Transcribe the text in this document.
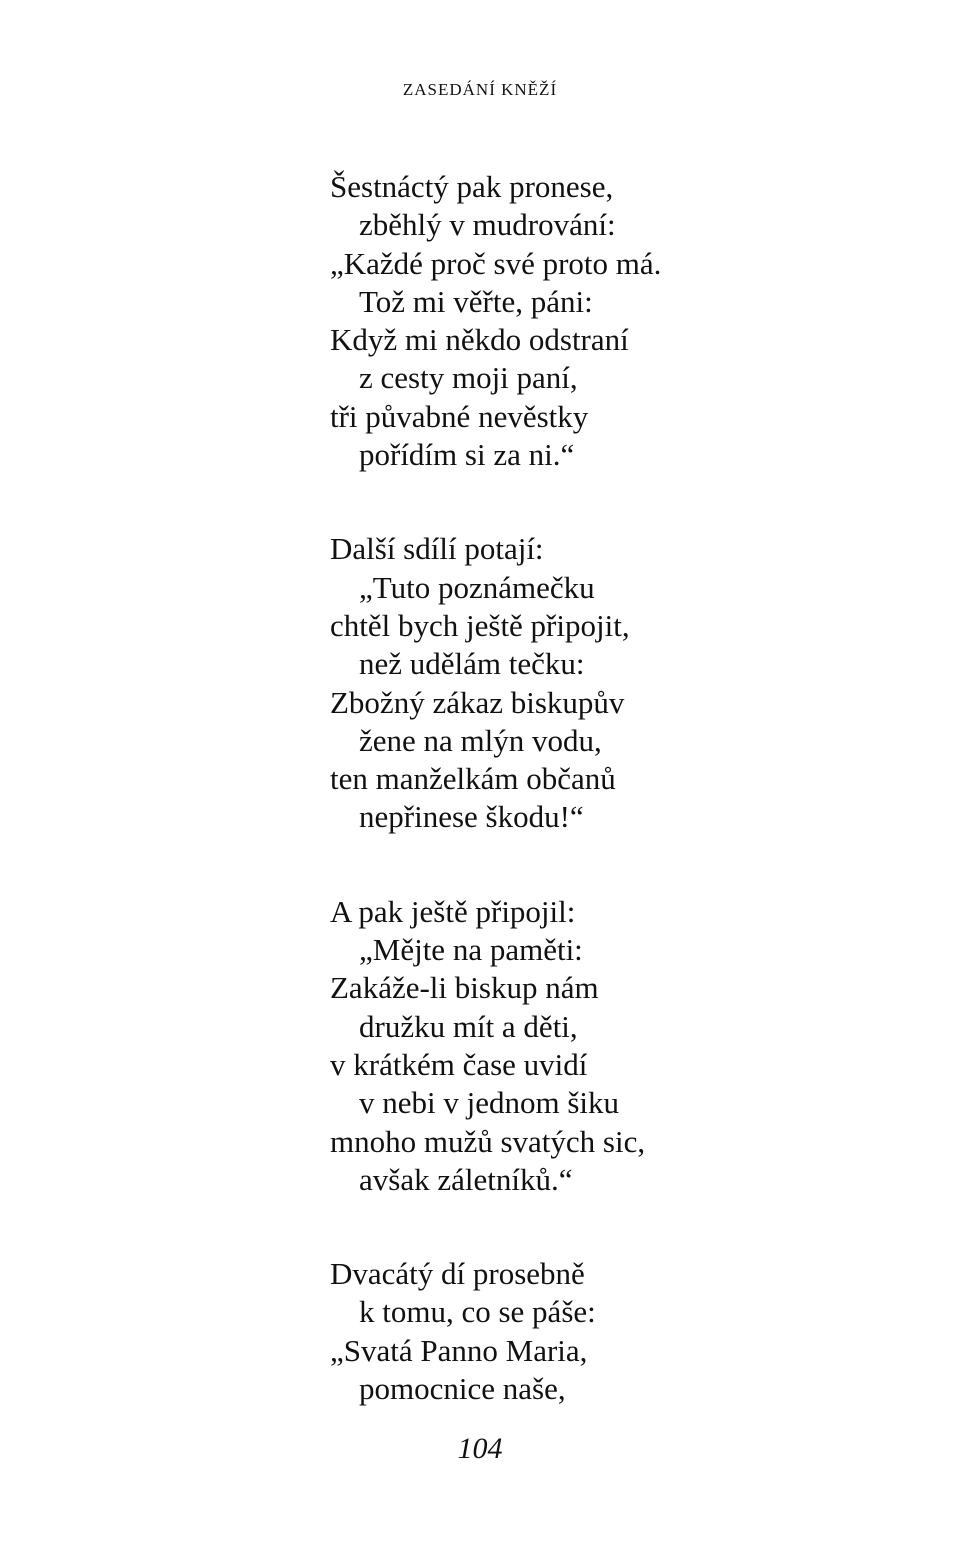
ZASEDÁNÍ KNĚŽÍ
Šestnáctý pak pronese,
zběhlý v mudrování:
„Každé proč své proto má.
Tož mi věřte, páni:
Když mi někdo odstraní
z cesty moji paní,
tři půvabné nevěstky
pořídím si za ni.“
Další sdílí potají:
„Tuto poznámečku
chtěl bych ještě připojit,
než udělám tečku:
Zbožný zákaz biskupův
žene na mlýn vodu,
ten manželkám občanů
nepřinese škodu!“
A pak ještě připojil:
„Mějte na paměti:
Zakáže-li biskup nám
družku mít a děti,
v krátkém čase uvidí
v nebi v jednom šiku
mnoho mužů svatých sic,
avšak záletníků.“
Dvacátý dí prosebně
k tomu, co se páše:
„Svatá Panno Maria,
pomocnice naše,
104
